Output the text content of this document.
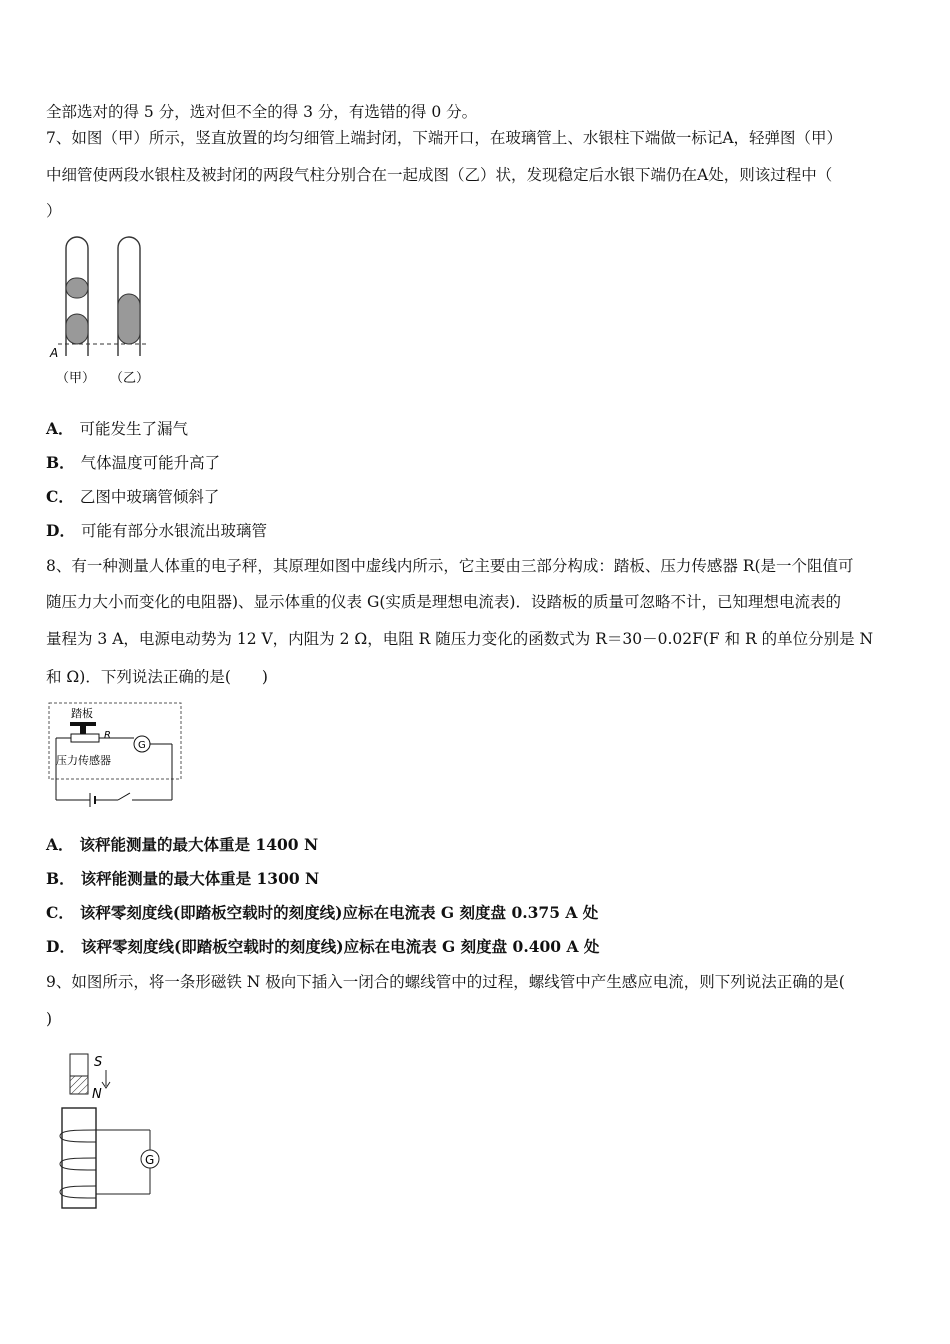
全部选对的得 5 分，选对但不全的得 3 分，有选错的得 0 分。
7、如图（甲）所示，竖直放置的均匀细管上端封闭，下端开口，在玻璃管上、水银柱下端做一标记A，轻弹图（甲）
中细管使两段水银柱及被封闭的两段气柱分别合在一起成图（乙）状，发现稳定后水银下端仍在A处，则该过程中（
）
A
（甲） （乙）
A． 可能发生了漏气
B． 气体温度可能升高了
C． 乙图中玻璃管倾斜了
D． 可能有部分水银流出玻璃管
8、有一种测量人体重的电子秤，其原理如图中虚线内所示，它主要由三部分构成：踏板、压力传感器 R(是一个阻值可
随压力大小而变化的电阻器)、显示体重的仪表 G(实质是理想电流表)．设踏板的质量可忽略不计，已知理想电流表的
量程为 3 A，电源电动势为 12 V，内阻为 2 Ω，电阻 R 随压力变化的函数式为 R＝30－0.02F(F 和 R 的单位分别是 N
和 Ω)．下列说法正确的是(　　)
踏板
R
G
压力传感器
A． 该秤能测量的最大体重是 1400 N
B． 该秤能测量的最大体重是 1300 N
C． 该秤零刻度线(即踏板空载时的刻度线)应标在电流表 G 刻度盘 0.375 A 处
D． 该秤零刻度线(即踏板空载时的刻度线)应标在电流表 G 刻度盘 0.400 A 处
9、如图所示，将一条形磁铁 N 极向下插入一闭合的螺线管中的过程，螺线管中产生感应电流，则下列说法正确的是(
)
S
N
G
